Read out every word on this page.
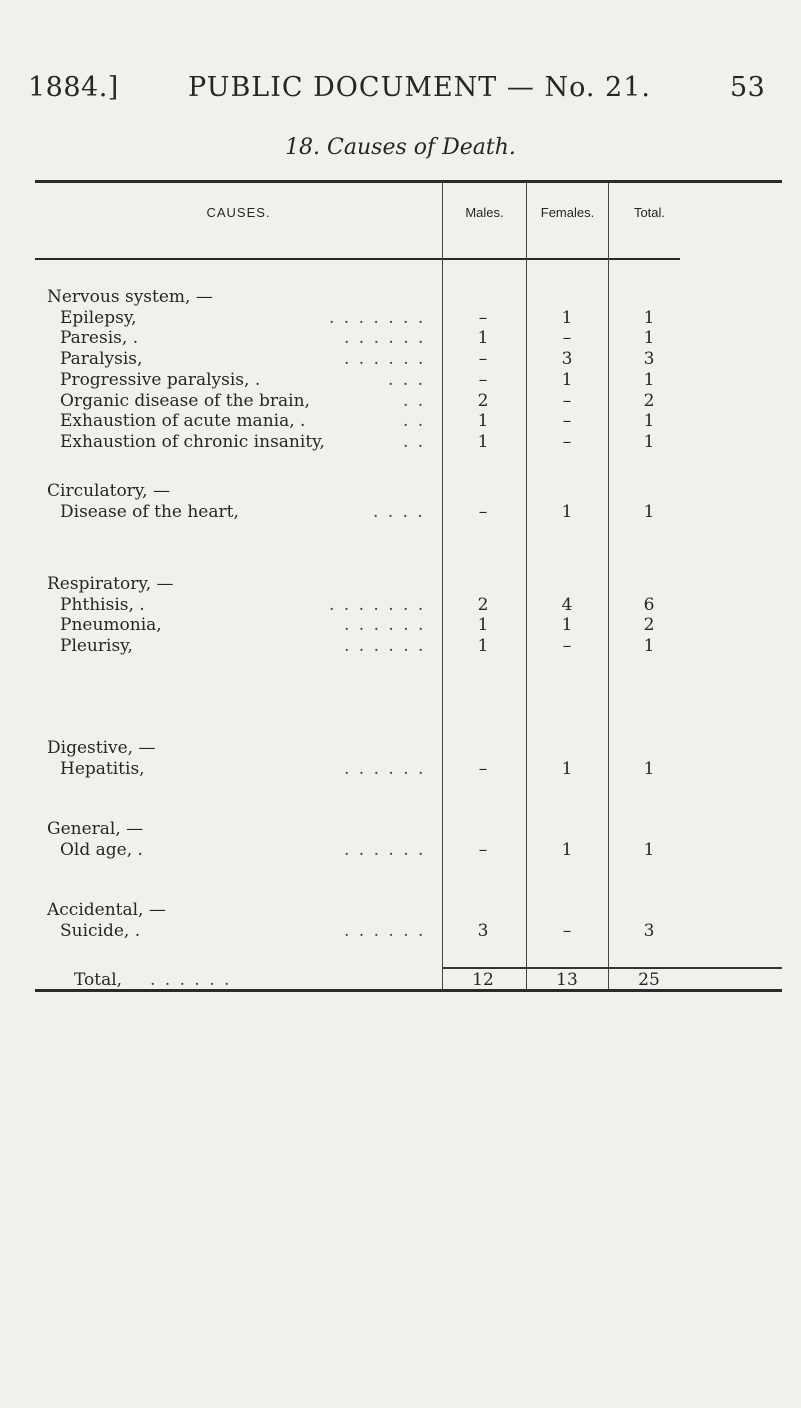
1884.]	PUBLIC DOCUMENT — No. 21.	53
18. Causes of Death.
CAUSES.	Males.	Females.	Total.
Nervous system, —
Epilepsy,	. . . . . . .	–	1	1
Paresis, .	. . . . . .	1	–	1
Paralysis,	. . . . . .	–	3	3
Progressive paralysis, .	. . .	–	1	1
Organic disease of the brain,	. .	2	–	2
Exhaustion of acute mania, .	. .	1	–	1
Exhaustion of chronic insanity,	. .	1	–	1
Circulatory, —
Disease of the heart,	. . . .	–	1	1
Respiratory, —
Phthisis, .	. . . . . . .	2	4	6
Pneumonia,	. . . . . .	1	1	2
Pleurisy,	. . . . . .	1	–	1
Digestive, —
Hepatitis,	. . . . . .	–	1	1
General, —
Old age, .	. . . . . .	–	1	1
Accidental, —
Suicide, .	. . . . . .	3	–	3
Total, . . . . . .	12	13	25
